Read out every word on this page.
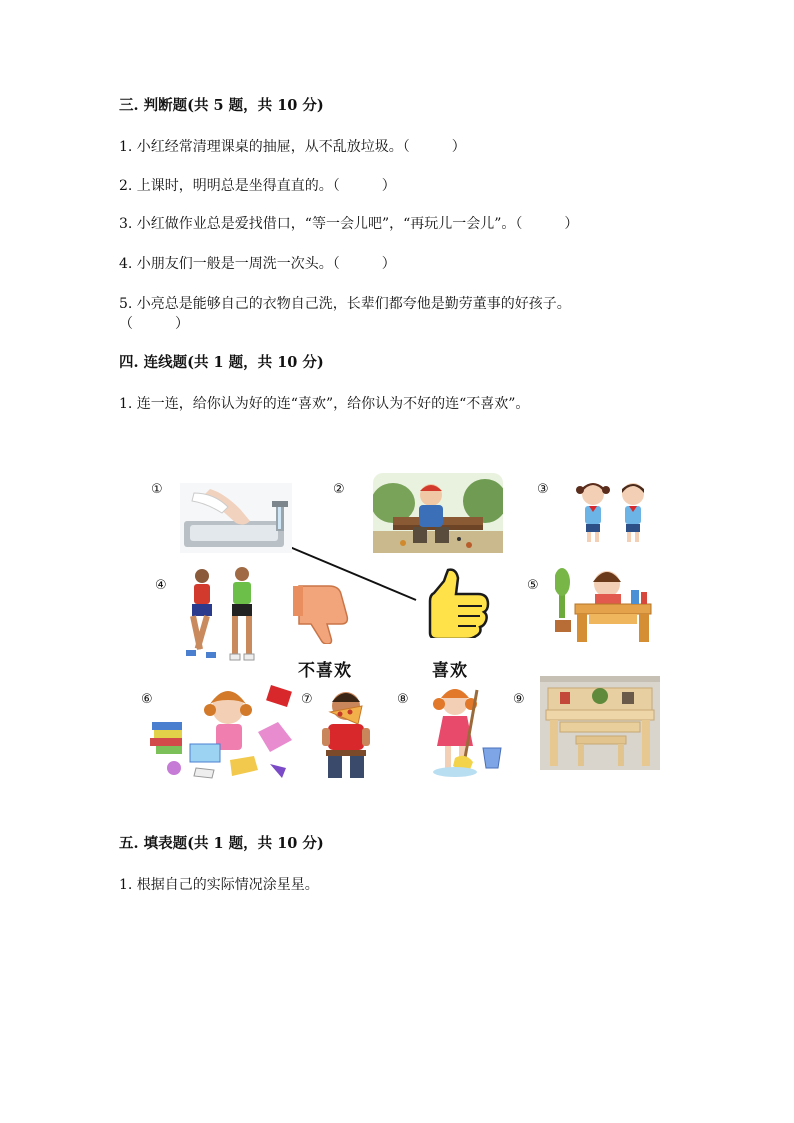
三. 判断题(共 5 题，共 10 分)
1. 小红经常清理课桌的抽屉，从不乱放垃圾。（　　　）
2. 上课时，明明总是坐得直直的。（　　　）
3. 小红做作业总是爱找借口，“等一会儿吧”，“再玩儿一会儿”。（　　　）
4. 小朋友们一般是一周洗一次头。（　　　）
5. 小亮总是能够自己的衣物自己洗，长辈们都夸他是勤劳董事的好孩子。
（　　　）
四. 连线题(共 1 题，共 10 分)
1. 连一连，给你认为好的连“喜欢”，给你认为不好的连“不喜欢”。
①	②	③
④	⑤
⑥	⑦	⑧	⑨
不喜欢	喜欢
五. 填表题(共 1 题，共 10 分)
1. 根据自己的实际情况涂星星。
